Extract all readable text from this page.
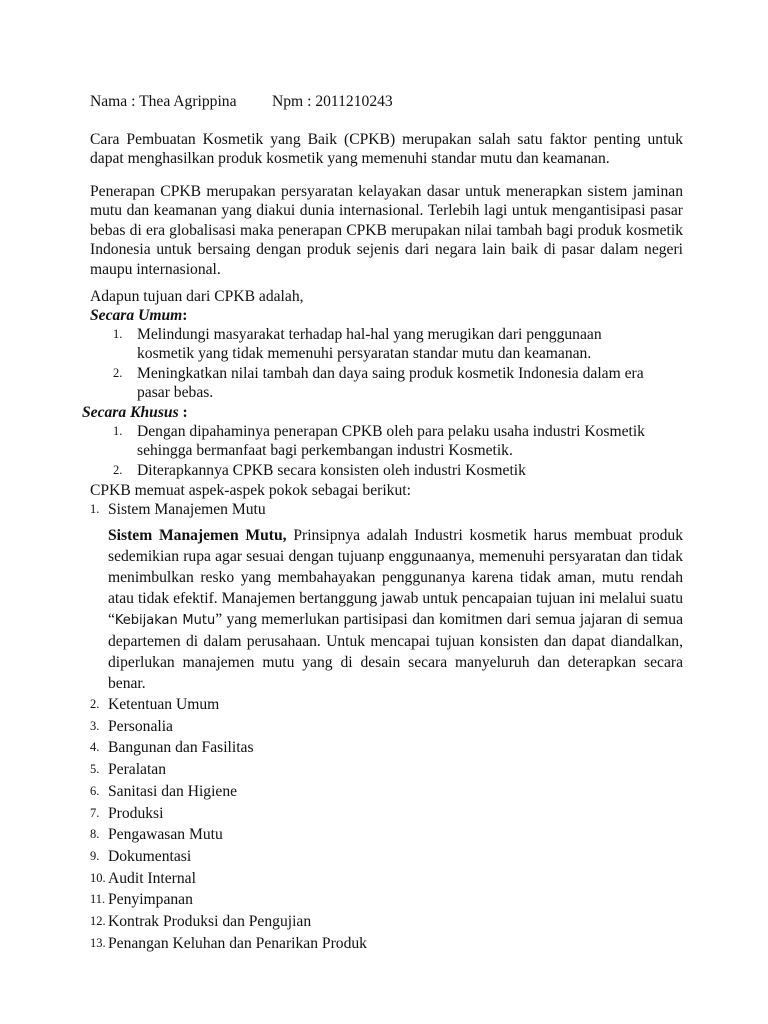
Nama : Thea Agrippina Npm : 2011210243
Cara Pembuatan Kosmetik yang Baik (CPKB) merupakan salah satu faktor penting untuk dapat menghasilkan produk kosmetik yang memenuhi standar mutu dan keamanan.
Penerapan CPKB merupakan persyaratan kelayakan dasar untuk menerapkan sistem jaminan mutu dan keamanan yang diakui dunia internasional. Terlebih lagi untuk mengantisipasi pasar bebas di era globalisasi maka penerapan CPKB merupakan nilai tambah bagi produk kosmetik Indonesia untuk bersaing dengan produk sejenis dari negara lain baik di pasar dalam negeri maupu internasional.
Adapun tujuan dari CPKB adalah,
Secara Umum:
1. Melindungi masyarakat terhadap hal-hal yang merugikan dari penggunaan kosmetik yang tidak memenuhi persyaratan standar mutu dan keamanan.
2. Meningkatkan nilai tambah dan daya saing produk kosmetik Indonesia dalam era pasar bebas.
Secara Khusus :
1. Dengan dipahaminya penerapan CPKB oleh para pelaku usaha industri Kosmetik sehingga bermanfaat bagi perkembangan industri Kosmetik.
2. Diterapkannya CPKB secara konsisten oleh industri Kosmetik
CPKB memuat aspek-aspek pokok sebagai berikut:
1. Sistem Manajemen Mutu
Sistem Manajemen Mutu, Prinsipnya adalah Industri kosmetik harus membuat produk sedemikian rupa agar sesuai dengan tujuanp enggunaanya, memenuhi persyaratan dan tidak menimbulkan resko yang membahayakan penggunanya karena tidak aman, mutu rendah atau tidak efektif. Manajemen bertanggung jawab untuk pencapaian tujuan ini melalui suatu “Kebijakan Mutu” yang memerlukan partisipasi dan komitmen dari semua jajaran di semua departemen di dalam perusahaan. Untuk mencapai tujuan konsisten dan dapat diandalkan, diperlukan manajemen mutu yang di desain secara manyeluruh dan deterapkan secara benar.
2. Ketentuan Umum
3. Personalia
4. Bangunan dan Fasilitas
5. Peralatan
6. Sanitasi dan Higiene
7. Produksi
8. Pengawasan Mutu
9. Dokumentasi
10. Audit Internal
11. Penyimpanan
12. Kontrak Produksi dan Pengujian
13. Penangan Keluhan dan Penarikan Produk
